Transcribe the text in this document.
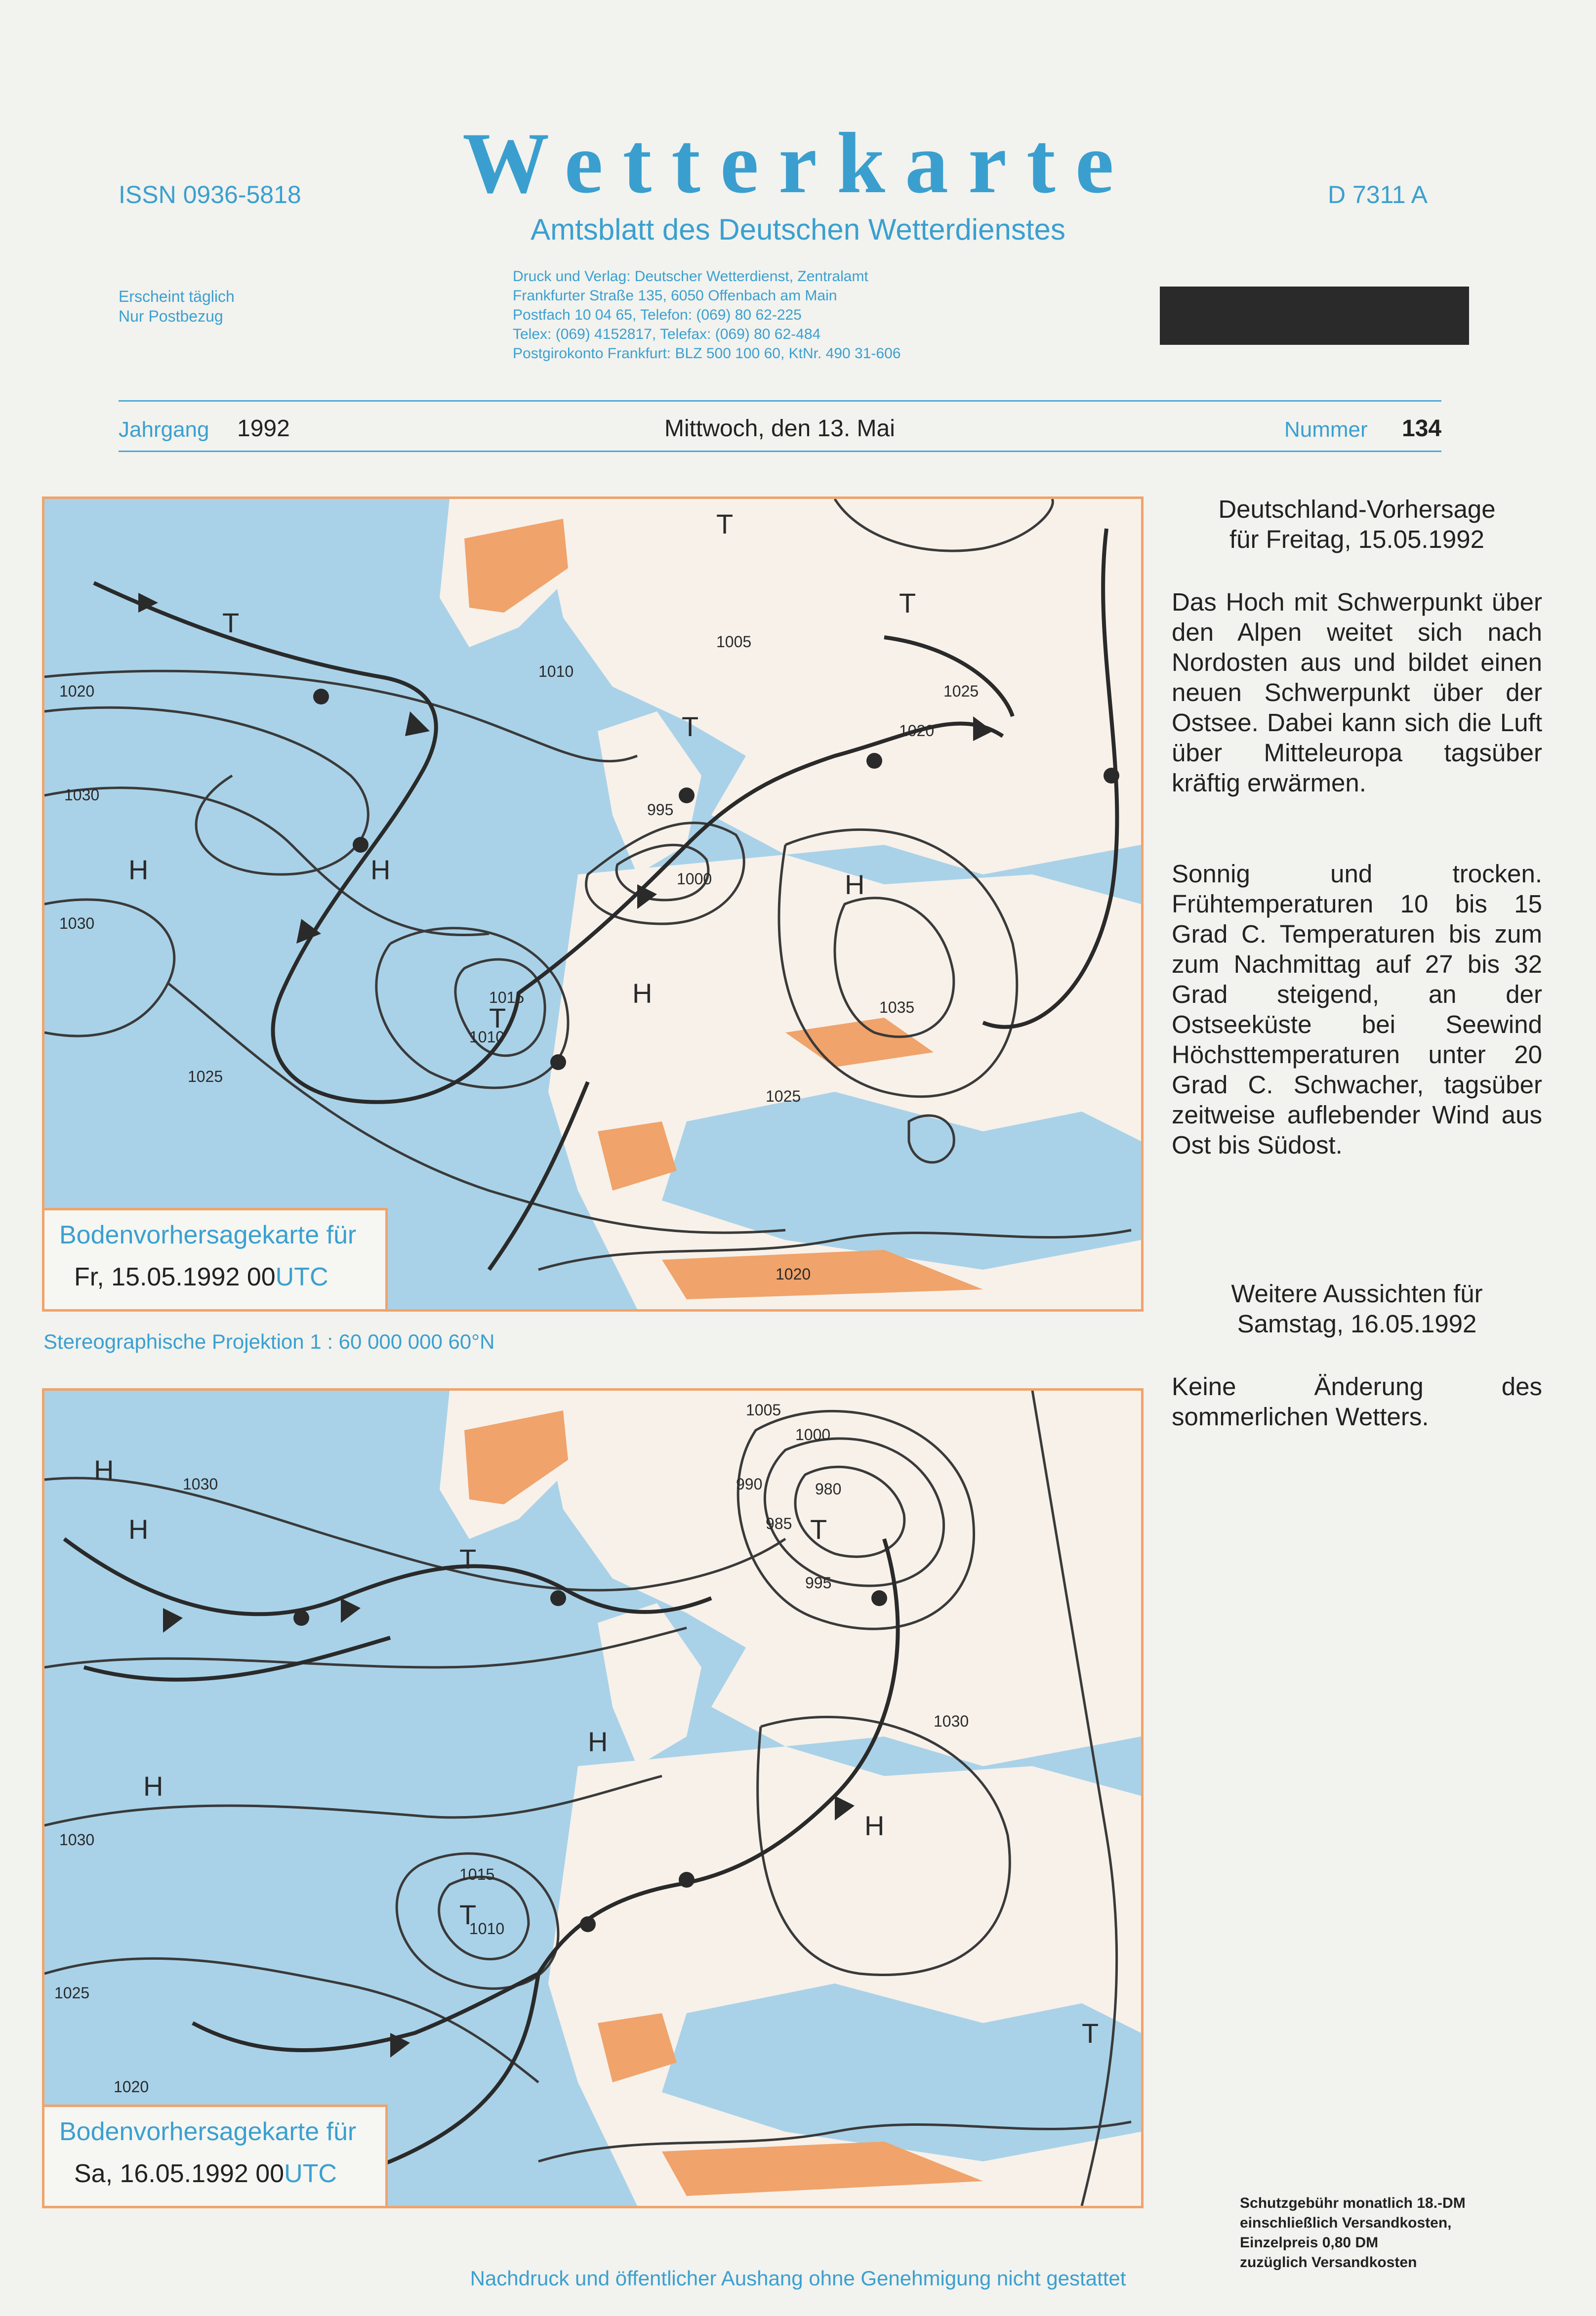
Wetterkarte
Amtsblatt des Deutschen Wetterdienstes
ISSN 0936-5818	D 7311 A
Erscheint täglich
Nur Postbezug
Druck und Verlag: Deutscher Wetterdienst, Zentralamt
Frankfurter Straße 135, 6050 Offenbach am Main
Postfach 10 04 65, Telefon: (069) 80 62-225
Telex: (069) 4152817, Telefax: (069) 80 62-484
Postgirokonto Frankfurt: BLZ 500 100 60, KtNr. 490 31-606
Jahrgang 1992	Mittwoch, den 13. Mai	Nummer 134
1020
1030
1030
1025
1010
995
1000
1005
1020
1025
1035
1015
1010
1025
1020
H	H
H
H
T
T
T
T
T
Bodenvorhersagekarte für
Fr, 15.05.1992 00UTC
Stereographische Projektion 1 : 60 000 000 60°N
980
985
990
995
1000
1005
1010
1015
1020
1025
1030
1030
1030
H
H
H
H
H
T
T
T
T
Bodenvorhersagekarte für
Sa, 16.05.1992 00UTC
Deutschland-Vorhersage
für Freitag, 15.05.1992
Das Hoch mit Schwerpunkt über den Alpen weitet sich nach Nordosten aus und bildet einen neuen Schwerpunkt über der Ostsee. Dabei kann sich die Luft über Mitteleuropa tagsüber kräftig erwärmen.
Sonnig und trocken. Frühtemperaturen 10 bis 15 Grad C. Temperaturen bis zum zum Nachmittag auf 27 bis 32 Grad steigend, an der Ostseeküste bei Seewind Höchsttemperaturen unter 20 Grad C. Schwacher, tagsüber zeitweise auflebender Wind aus Ost bis Südost.
Weitere Aussichten für
Samstag, 16.05.1992
Keine Änderung des sommerlichen Wetters.
Schutzgebühr monatlich 18.-DM
einschließlich Versandkosten,
Einzelpreis 0,80 DM
zuzüglich Versandkosten
Nachdruck und öffentlicher Aushang ohne Genehmigung nicht gestattet
